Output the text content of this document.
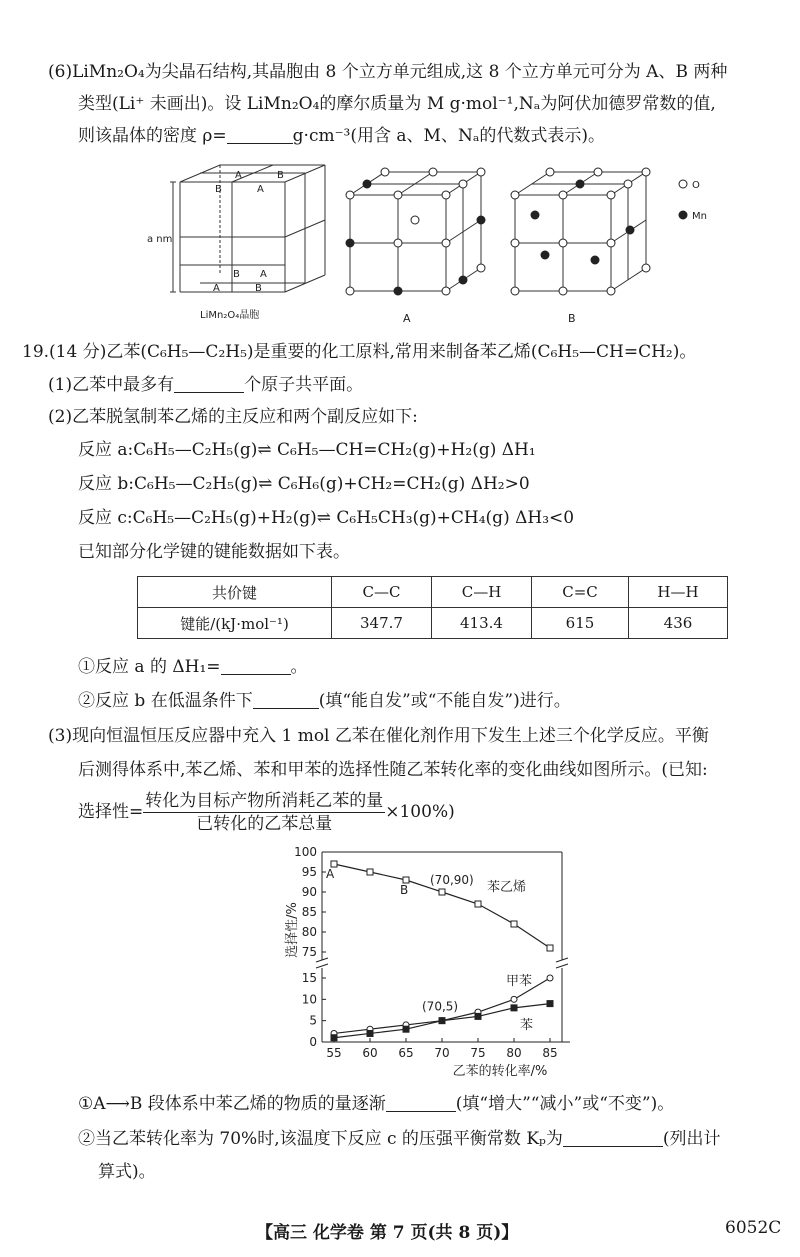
(6)LiMn₂O₄为尖晶石结构,其晶胞由 8 个立方单元组成,这 8 个立方单元可分为 A、B 两种
类型(Li⁺ 未画出)。设 LiMn₂O₄的摩尔质量为 M g·mol⁻¹,Nₐ为阿伏加德罗常数的值,
则该晶体的密度 ρ=	g·cm⁻³(用含 a、M、Nₐ的代数式表示)。
A	B
B	A
B A
A	B
a nm
LiMn₂O₄晶胞	A	B
O
Mn
19.(14 分)乙苯(C₆H₅—C₂H₅)是重要的化工原料,常用来制备苯乙烯(C₆H₅—CH=CH₂)。
(1)乙苯中最多有	个原子共平面。
(2)乙苯脱氢制苯乙烯的主反应和两个副反应如下:
反应 a:C₆H₅—C₂H₅(g)⇌ C₆H₅—CH=CH₂(g)+H₂(g) ΔH₁
反应 b:C₆H₅—C₂H₅(g)⇌ C₆H₆(g)+CH₂=CH₂(g) ΔH₂>0
反应 c:C₆H₅—C₂H₅(g)+H₂(g)⇌ C₆H₅CH₃(g)+CH₄(g) ΔH₃<0
已知部分化学键的键能数据如下表。
共价键	C—C	C—H	C=C	H—H
键能/(kJ·mol⁻¹)	347.7	413.4	615	436
①反应 a 的 ΔH₁=	。
②反应 b 在低温条件下	(填“能自发”或“不能自发”)进行。
(3)现向恒温恒压反应器中充入 1 mol 乙苯在催化剂作用下发生上述三个化学反应。平衡
后测得体系中,苯乙烯、苯和甲苯的选择性随乙苯转化率的变化曲线如图所示。(已知:
选择性= $\frac{\text{转化为目标产物所消耗乙苯的量}}{\text{已转化的乙苯总量}} \times 100\%$)
55 60 65 70 75 80 85
75
80
85
90
95
100
0
5
10
15
A
B
(70,90)
(70,5)
选择性/%
乙苯的转化率/%
苯乙烯
甲苯
苯
①A⟶B 段体系中苯乙烯的物质的量逐渐	(填“增大”“减小”或“不变”)。
②当乙苯转化率为 70%时,该温度下反应 c 的压强平衡常数 Kₚ为	(列出计
算式)。
【高三 化学卷 第 7 页(共 8 页)】	6052C
